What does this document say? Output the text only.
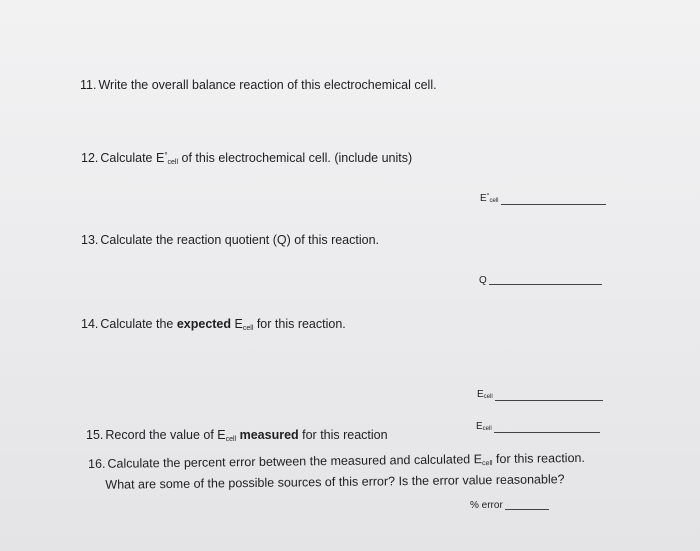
11. Write the overall balance reaction of this electrochemical cell.
12. Calculate $E^\circ_{cell}$ of this electrochemical cell. (include units)
E°cell
13. Calculate the reaction quotient (Q) of this reaction.
Q
14. Calculate the expected $E_{cell}$ for this reaction.
Ecell
Ecell
15. Record the value of $E_{cell}$ measured for this reaction
16. Calculate the percent error between the measured and calculated $E_{cell}$ for this reaction.
What are some of the possible sources of this error? Is the error value reasonable?
% error
